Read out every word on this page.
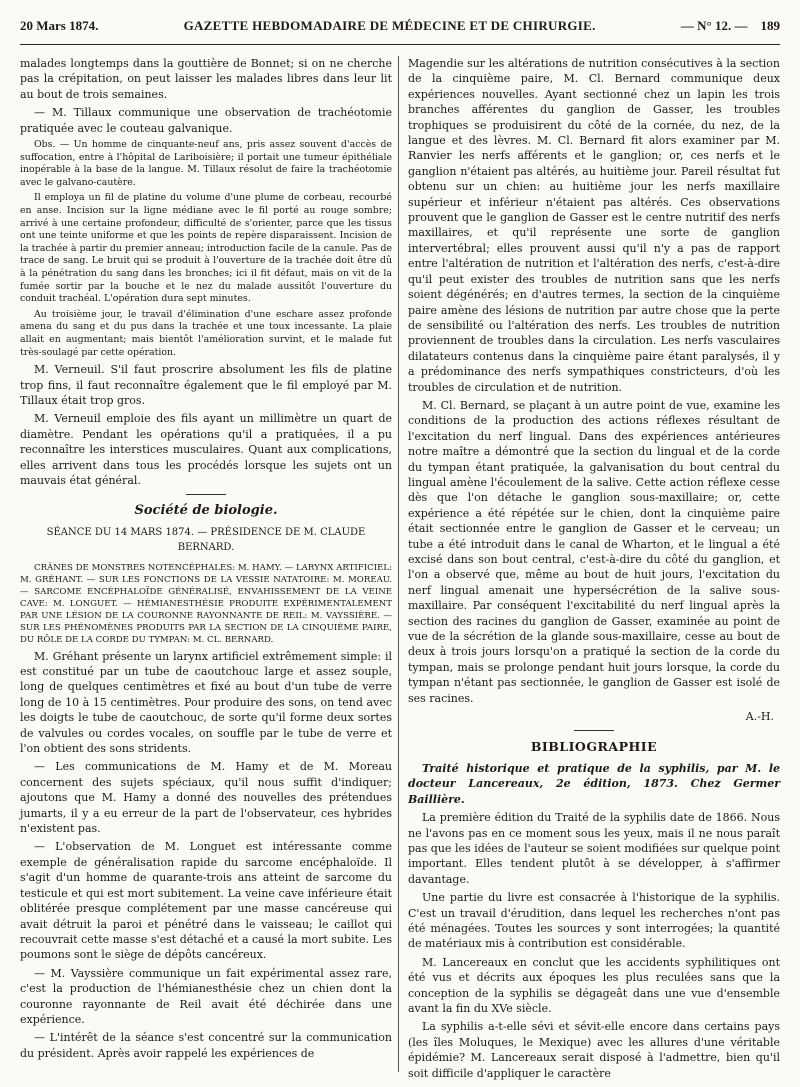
20 Mars 1874.	GAZETTE HEBDOMADAIRE DE MÉDECINE ET DE CHIRURGIE.	— N° 12. — 189

malades longtemps dans la gouttière de Bonnet; si on ne cherche pas la crépitation, on peut laisser les malades libres dans leur lit au bout de trois semaines.

— M. Tillaux communique une observation de trachéotomie pratiquée avec le couteau galvanique.

Obs. — Un homme de cinquante-neuf ans, pris assez souvent d'accès de suffocation, entre à l'hôpital de Lariboisière; il portait une tumeur épithéliale inopérable à la base de la langue. M. Tillaux résolut de faire la trachéotomie avec le galvano-cautère.

Il employa un fil de platine du volume d'une plume de corbeau, recourbé en anse. Incision sur la ligne médiane avec le fil porté au rouge sombre; arrivé à une certaine profondeur, difficulté de s'orienter, parce que les tissus ont une teinte uniforme et que les points de repère disparaissent. Incision de la trachée à partir du premier anneau; introduction facile de la canule. Pas de trace de sang. Le bruit qui se produit à l'ouverture de la trachée doit être dû à la pénétration du sang dans les bronches; ici il fit défaut, mais on vit de la fumée sortir par la bouche et le nez du malade aussitôt l'ouverture du conduit trachéal. L'opération dura sept minutes.

Au troisième jour, le travail d'élimination d'une eschare assez profonde amena du sang et du pus dans la trachée et une toux incessante. La plaie allait en augmentant; mais bientôt l'amélioration survint, et le malade fut très-soulagé par cette opération.

M. Verneuil. S'il faut proscrire absolument les fils de platine trop fins, il faut reconnaître également que le fil employé par M. Tillaux était trop gros.

M. Verneuil emploie des fils ayant un millimètre un quart de diamètre. Pendant les opérations qu'il a pratiquées, il a pu reconnaître les interstices musculaires. Quant aux complications, elles arrivent dans tous les procédés lorsque les sujets ont un mauvais état général.

Société de biologie.

SÉANCE DU 14 MARS 1874. — PRÉSIDENCE DE M. CLAUDE BERNARD.

CRÂNES DE MONSTRES NOTENCÉPHALES: M. HAMY. — LARYNX ARTIFICIEL: M. GRÉHANT. — SUR LES FONCTIONS DE LA VESSIE NATATOIRE: M. MOREAU. — SARCOME ENCÉPHALOÏDE GÉNÉRALISÉ, ENVAHISSEMENT DE LA VEINE CAVE: M. LONGUET. — HÉMIANESTHÉSIE PRODUITE EXPÉRIMENTALEMENT PAR UNE LÉSION DE LA COURONNE RAYONNANTE DE REIL: M. VAYSSIÈRE. — SUR LES PHÉNOMÈNES PRODUITS PAR LA SECTION DE LA CINQUIÈME PAIRE, DU RÔLE DE LA CORDE DU TYMPAN: M. CL. BERNARD.

M. Gréhant présente un larynx artificiel extrêmement simple: il est constitué par un tube de caoutchouc large et assez souple, long de quelques centimètres et fixé au bout d'un tube de verre long de 10 à 15 centimètres. Pour produire des sons, on tend avec les doigts le tube de caoutchouc, de sorte qu'il forme deux sortes de valvules ou cordes vocales, on souffle par le tube de verre et l'on obtient des sons stridents.

— Les communications de M. Hamy et de M. Moreau concernent des sujets spéciaux, qu'il nous suffit d'indiquer; ajoutons que M. Hamy a donné des nouvelles des prétendues jumarts, il y a eu erreur de la part de l'observateur, ces hybrides n'existent pas.

— L'observation de M. Longuet est intéressante comme exemple de généralisation rapide du sarcome encéphaloïde. Il s'agit d'un homme de quarante-trois ans atteint de sarcome du testicule et qui est mort subitement. La veine cave inférieure était oblitérée presque complétement par une masse cancéreuse qui avait détruit la paroi et pénétré dans le vaisseau; le caillot qui recouvrait cette masse s'est détaché et a causé la mort subite. Les poumons sont le siège de dépôts cancéreux.

— M. Vayssière communique un fait expérimental assez rare, c'est la production de l'hémianesthésie chez un chien dont la couronne rayonnante de Reil avait été déchirée dans une expérience.

— L'intérêt de la séance s'est concentré sur la communication du président. Après avoir rappelé les expériences de

Magendie sur les altérations de nutrition consécutives à la section de la cinquième paire, M. Cl. Bernard communique deux expériences nouvelles. Ayant sectionné chez un lapin les trois branches afférentes du ganglion de Gasser, les troubles trophiques se produisirent du côté de la cornée, du nez, de la langue et des lèvres. M. Cl. Bernard fit alors examiner par M. Ranvier les nerfs afférents et le ganglion; or, ces nerfs et le ganglion n'étaient pas altérés, au huitième jour. Pareil résultat fut obtenu sur un chien: au huitième jour les nerfs maxillaire supérieur et inférieur n'étaient pas altérés. Ces observations prouvent que le ganglion de Gasser est le centre nutritif des nerfs maxillaires, et qu'il représente une sorte de ganglion intervertébral; elles prouvent aussi qu'il n'y a pas de rapport entre l'altération de nutrition et l'altération des nerfs, c'est-à-dire qu'il peut exister des troubles de nutrition sans que les nerfs soient dégénérés; en d'autres termes, la section de la cinquième paire amène des lésions de nutrition par autre chose que la perte de sensibilité ou l'altération des nerfs. Les troubles de nutrition proviennent de troubles dans la circulation. Les nerfs vasculaires dilatateurs contenus dans la cinquième paire étant paralysés, il y a prédominance des nerfs sympathiques constricteurs, d'où les troubles de circulation et de nutrition.

M. Cl. Bernard, se plaçant à un autre point de vue, examine les conditions de la production des actions réflexes résultant de l'excitation du nerf lingual. Dans des expériences antérieures notre maître a démontré que la section du lingual et de la corde du tympan étant pratiquée, la galvanisation du bout central du lingual amène l'écoulement de la salive. Cette action réflexe cesse dès que l'on détache le ganglion sous-maxillaire; or, cette expérience a été répétée sur le chien, dont la cinquième paire était sectionnée entre le ganglion de Gasser et le cerveau; un tube a été introduit dans le canal de Wharton, et le lingual a été excisé dans son bout central, c'est-à-dire du côté du ganglion, et l'on a observé que, même au bout de huit jours, l'excitation du nerf lingual amenait une hypersécrétion de la salive sous-maxillaire. Par conséquent l'excitabilité du nerf lingual après la section des racines du ganglion de Gasser, examinée au point de vue de la sécrétion de la glande sous-maxillaire, cesse au bout de deux à trois jours lorsqu'on a pratiqué la section de la corde du tympan, mais se prolonge pendant huit jours lorsque, la corde du tympan n'étant pas sectionnée, le ganglion de Gasser est isolé de ses racines.

A.-H.

BIBLIOGRAPHIE

Traité historique et pratique de la syphilis, par M. le docteur Lancereaux, 2e édition, 1873. Chez Germer Baillière.

La première édition du Traité de la syphilis date de 1866. Nous ne l'avons pas en ce moment sous les yeux, mais il ne nous paraît pas que les idées de l'auteur se soient modifiées sur quelque point important. Elles tendent plutôt à se développer, à s'affirmer davantage.

Une partie du livre est consacrée à l'historique de la syphilis. C'est un travail d'érudition, dans lequel les recherches n'ont pas été ménagées. Toutes les sources y sont interrogées; la quantité de matériaux mis à contribution est considérable.

M. Lancereaux en conclut que les accidents syphilitiques ont été vus et décrits aux époques les plus reculées sans que la conception de la syphilis se dégageât dans une vue d'ensemble avant la fin du XVe siècle.

La syphilis a-t-elle sévi et sévit-elle encore dans certains pays (les îles Moluques, le Mexique) avec les allures d'une véritable épidémie? M. Lancereaux serait disposé à l'admettre, bien qu'il soit difficile d'appliquer le caractère
